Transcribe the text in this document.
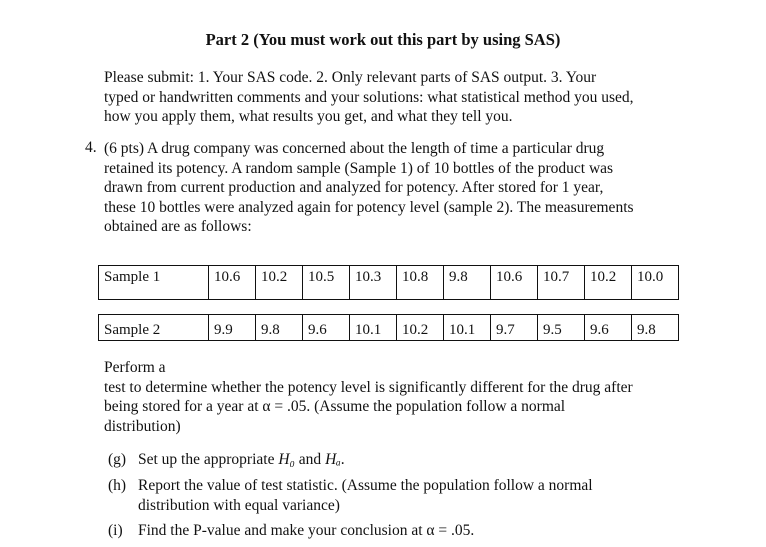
Part 2 (You must work out this part by using SAS)
Please submit: 1. Your SAS code. 2. Only relevant parts of SAS output. 3. Your
typed or handwritten comments and your solutions: what statistical method you used,
how you apply them, what results you get, and what they tell you.
4. (6 pts) A drug company was concerned about the length of time a particular drug
retained its potency. A random sample (Sample 1) of 10 bottles of the product was
drawn from current production and analyzed for potency. After stored for 1 year,
these 10 bottles were analyzed again for potency level (sample 2). The measurements
obtained are as follows:
Sample 1	10.6	10.2	10.5	10.3	10.8	9.8	10.6	10.7	10.2	10.0

Sample 2	9.9	9.8	9.6	10.1	10.2	10.1	9.7	9.5	9.6	9.8
Perform a
test to determine whether the potency level is significantly different for the drug after
being stored for a year at α = .05. (Assume the population follow a normal
distribution)
(g) Set up the appropriate H₀ and Hₐ.
(h) Report the value of test statistic. (Assume the population follow a normal
distribution with equal variance)
(i) Find the P-value and make your conclusion at α = .05.
